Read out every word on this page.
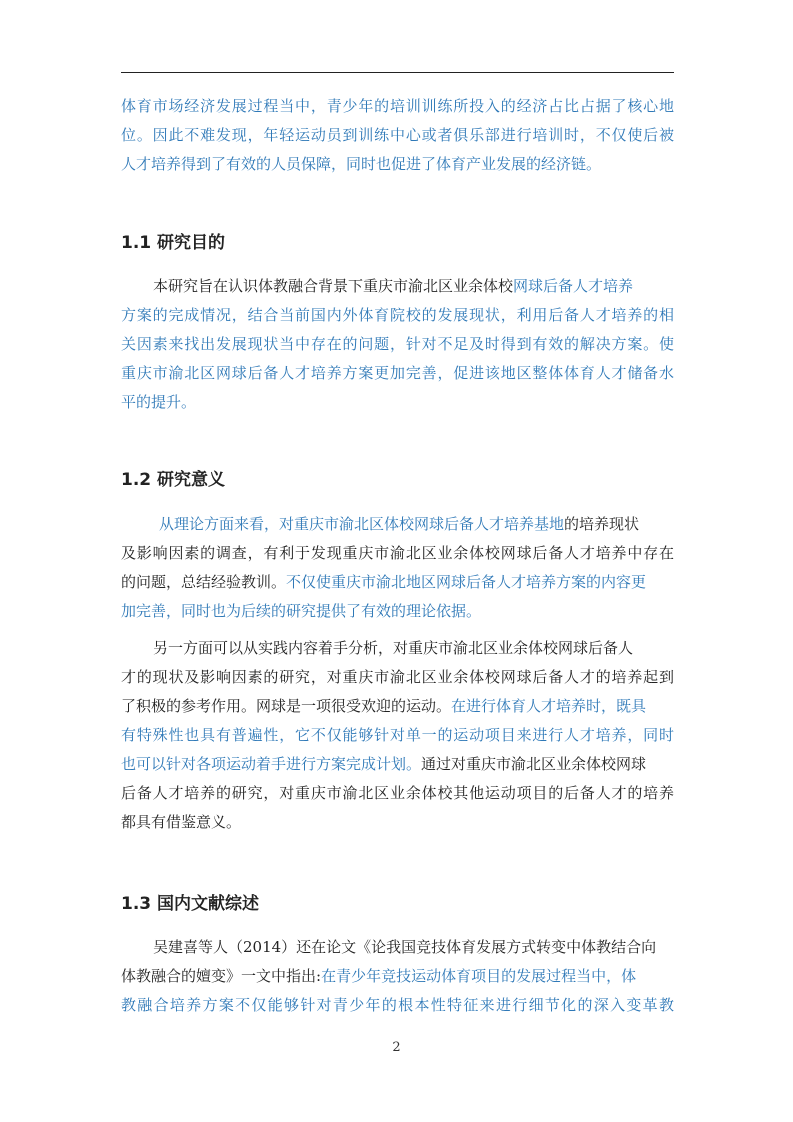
体育市场经济发展过程当中，青少年的培训训练所投入的经济占比占据了核心地
位。因此不难发现，年轻运动员到训练中心或者俱乐部进行培训时，不仅使后被
人才培养得到了有效的人员保障，同时也促进了体育产业发展的经济链。
1.1 研究目的
本研究旨在认识体教融合背景下重庆市渝北区业余体校网球后备人才培养
方案的完成情况，结合当前国内外体育院校的发展现状，利用后备人才培养的相
关因素来找出发展现状当中存在的问题，针对不足及时得到有效的解决方案。使
重庆市渝北区网球后备人才培养方案更加完善，促进该地区整体体育人才储备水
平的提升。
1.2 研究意义
从理论方面来看，对重庆市渝北区体校网球后备人才培养基地的培养现状
及影响因素的调查，有利于发现重庆市渝北区业余体校网球后备人才培养中存在
的问题，总结经验教训。不仅使重庆市渝北地区网球后备人才培养方案的内容更
加完善，同时也为后续的研究提供了有效的理论依据。
另一方面可以从实践内容着手分析，对重庆市渝北区业余体校网球后备人
才的现状及影响因素的研究，对重庆市渝北区业余体校网球后备人才的培养起到
了积极的参考作用。网球是一项很受欢迎的运动。在进行体育人才培养时，既具
有特殊性也具有普遍性，它不仅能够针对单一的运动项目来进行人才培养，同时
也可以针对各项运动着手进行方案完成计划。通过对重庆市渝北区业余体校网球
后备人才培养的研究，对重庆市渝北区业余体校其他运动项目的后备人才的培养
都具有借鉴意义。
1.3 国内文献综述
吴建喜等人（2014）还在论文《论我国竞技体育发展方式转变中体教结合向
体教融合的嬗变》一文中指出:在青少年竞技运动体育项目的发展过程当中，体
教融合培养方案不仅能够针对青少年的根本性特征来进行细节化的深入变革教
2
